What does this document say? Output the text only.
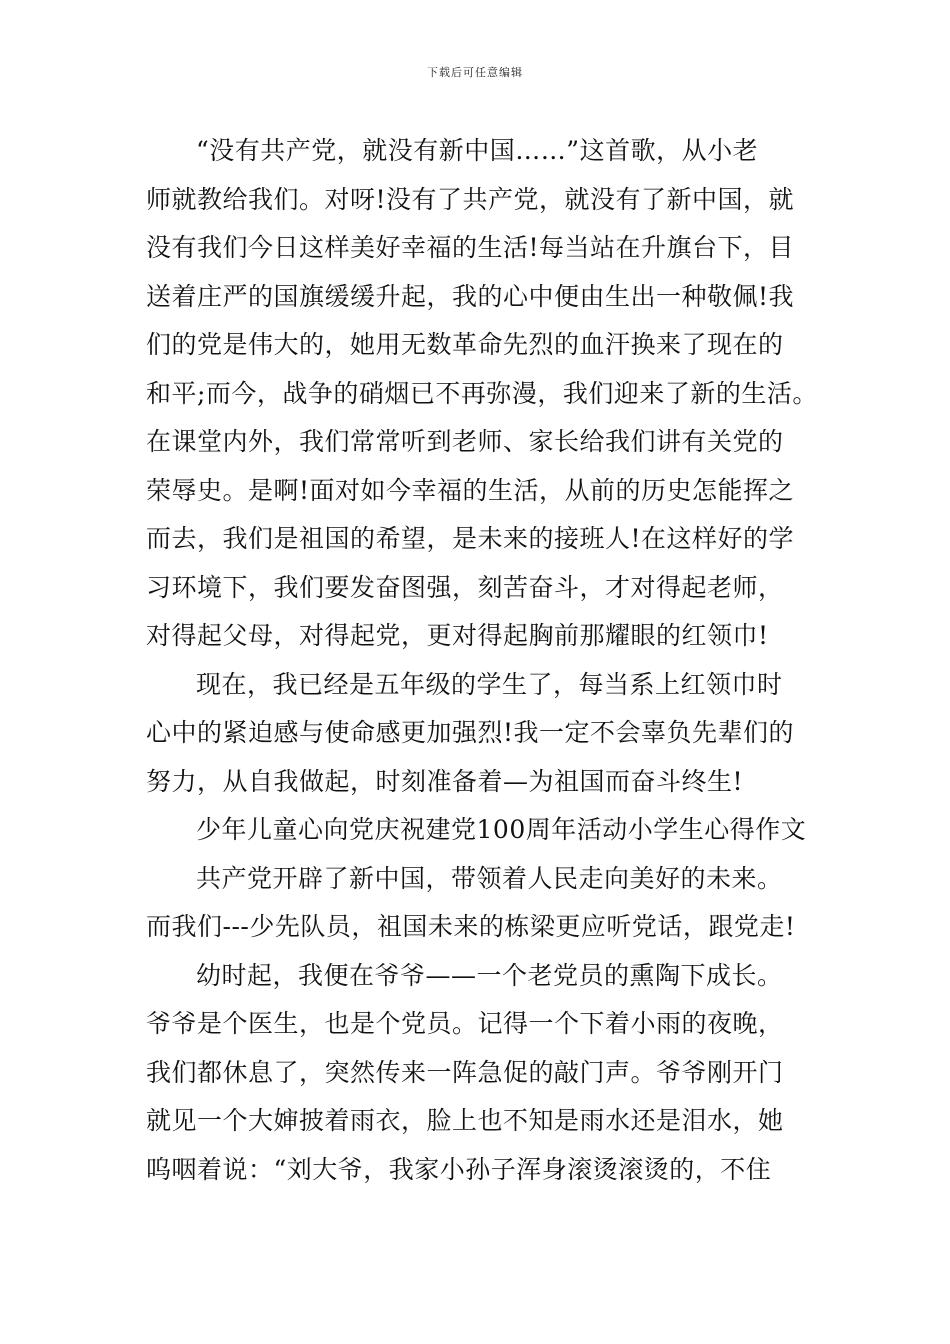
下载后可任意编辑
“没有共产党，就没有新中国……”这首歌，从小老
师就教给我们。对呀!没有了共产党，就没有了新中国，就
没有我们今日这样美好幸福的生活!每当站在升旗台下，目
送着庄严的国旗缓缓升起，我的心中便由生出一种敬佩!我
们的党是伟大的，她用无数革命先烈的血汗换来了现在的
和平;而今，战争的硝烟已不再弥漫，我们迎来了新的生活。
在课堂内外，我们常常听到老师、家长给我们讲有关党的
荣辱史。是啊!面对如今幸福的生活，从前的历史怎能挥之
而去，我们是祖国的希望，是未来的接班人!在这样好的学
习环境下，我们要发奋图强，刻苦奋斗，才对得起老师，
对得起父母，对得起党，更对得起胸前那耀眼的红领巾!
现在，我已经是五年级的学生了，每当系上红领巾时
心中的紧迫感与使命感更加强烈!我一定不会辜负先辈们的
努力，从自我做起，时刻准备着—为祖国而奋斗终生!
少年儿童心向党庆祝建党100周年活动小学生心得作文
共产党开辟了新中国，带领着人民走向美好的未来。
而我们---少先队员，祖国未来的栋梁更应听党话，跟党走!
幼时起，我便在爷爷——一个老党员的熏陶下成长。
爷爷是个医生，也是个党员。记得一个下着小雨的夜晚，
我们都休息了，突然传来一阵急促的敲门声。爷爷刚开门
就见一个大婶披着雨衣，脸上也不知是雨水还是泪水，她
呜咽着说：“刘大爷，我家小孙子浑身滚烫滚烫的，不住
